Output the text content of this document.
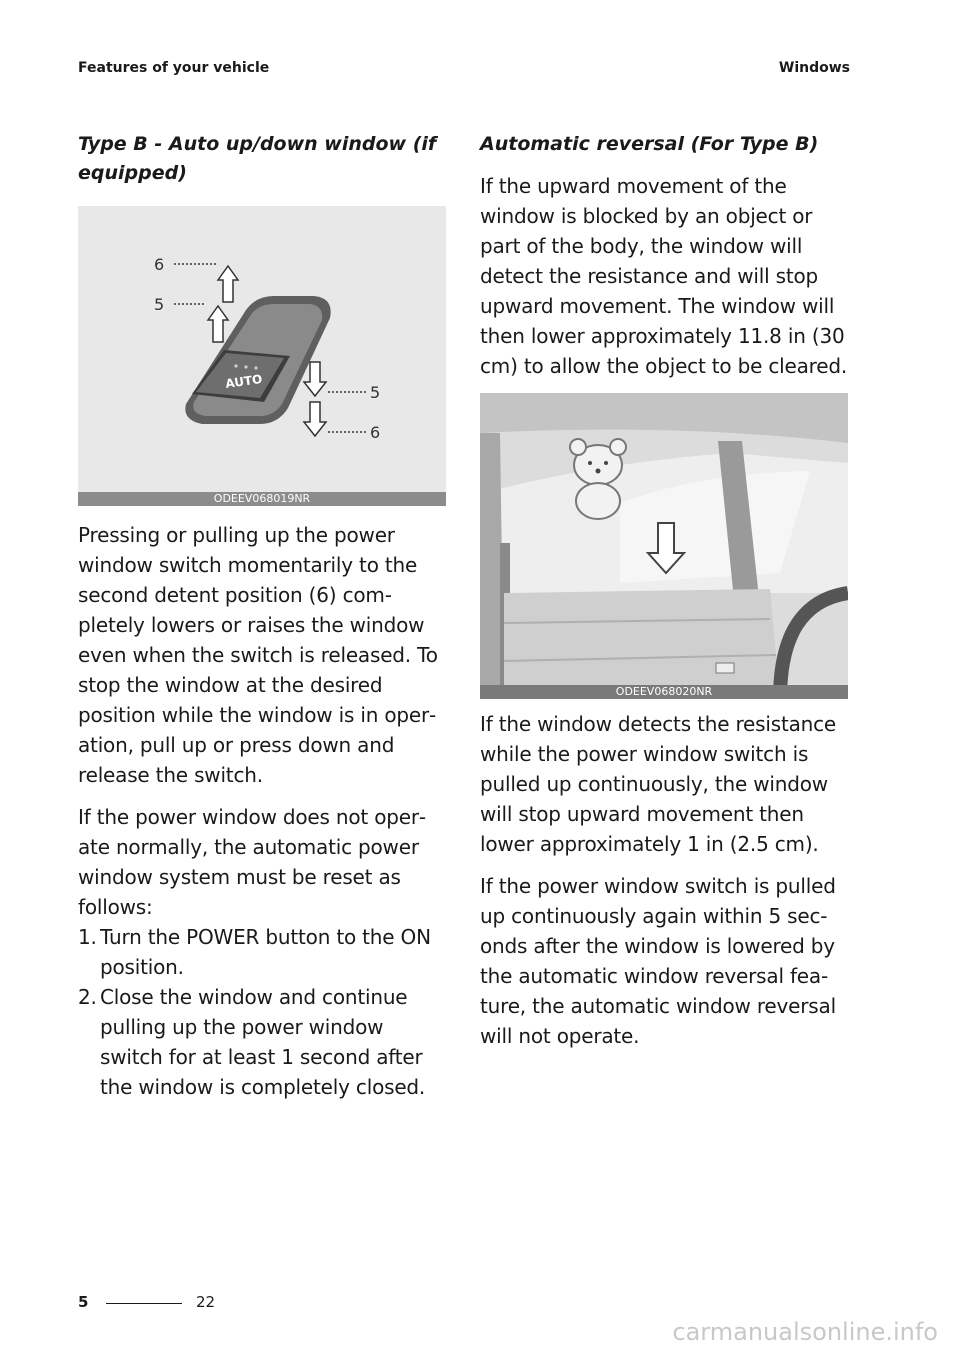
Features of your vehicle	Windows
Type B - Auto up/down window (if equipped)
AUTO
6
5
5
6
ODEEV068019NR

Pressing or pulling up the power window switch momentarily to the second detent position (6) completely lowers or raises the window even when the switch is released. To stop the window at the desired position while the window is in operation, pull up or press down and release the switch.

If the power window does not operate normally, the automatic power window system must be reset as follows:

1. Turn the POWER button to the ON position.
2. Close the window and continue pulling up the power window switch for at least 1 second after the window is completely closed.
Automatic reversal (For Type B)

If the upward movement of the window is blocked by an object or part of the body, the window will detect the resistance and will stop upward movement. The window will then lower approximately 11.8 in (30 cm) to allow the object to be cleared.

ODEEV068020NR

If the window detects the resistance while the power window switch is pulled up continuously, the window will stop upward movement then lower approximately 1 in (2.5 cm).

If the power window switch is pulled up continuously again within 5 seconds after the window is lowered by the automatic window reversal feature, the automatic window reversal will not operate.

5	22
carmanualsonline.info
